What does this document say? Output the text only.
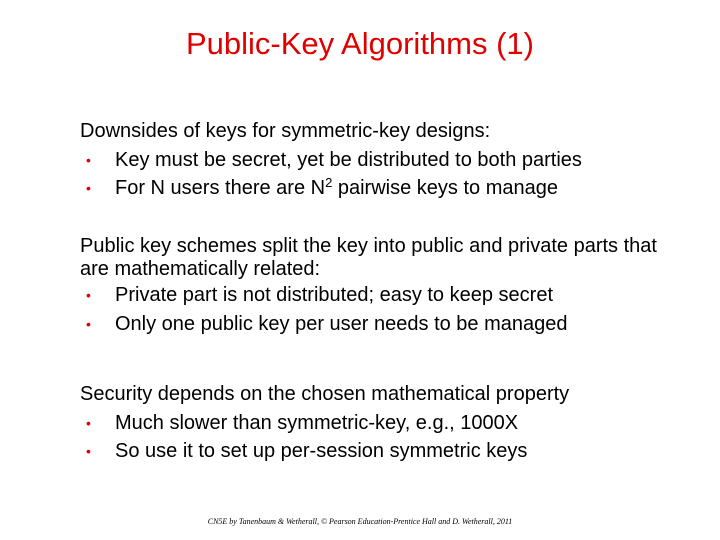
Public-Key Algorithms (1)

Downsides of keys for symmetric-key designs:

• Key must be secret, yet be distributed to both parties
• For N users there are $N^2$ pairwise keys to manage

Public key schemes split the key into public and private parts that are mathematically related:

• Private part is not distributed; easy to keep secret
• Only one public key per user needs to be managed

Security depends on the chosen mathematical property

• Much slower than symmetric-key, e.g., 1000X
• So use it to set up per-session symmetric keys
CN5E by Tanenbaum & Wetherall, © Pearson Education-Prentice Hall and D. Wetherall, 2011
